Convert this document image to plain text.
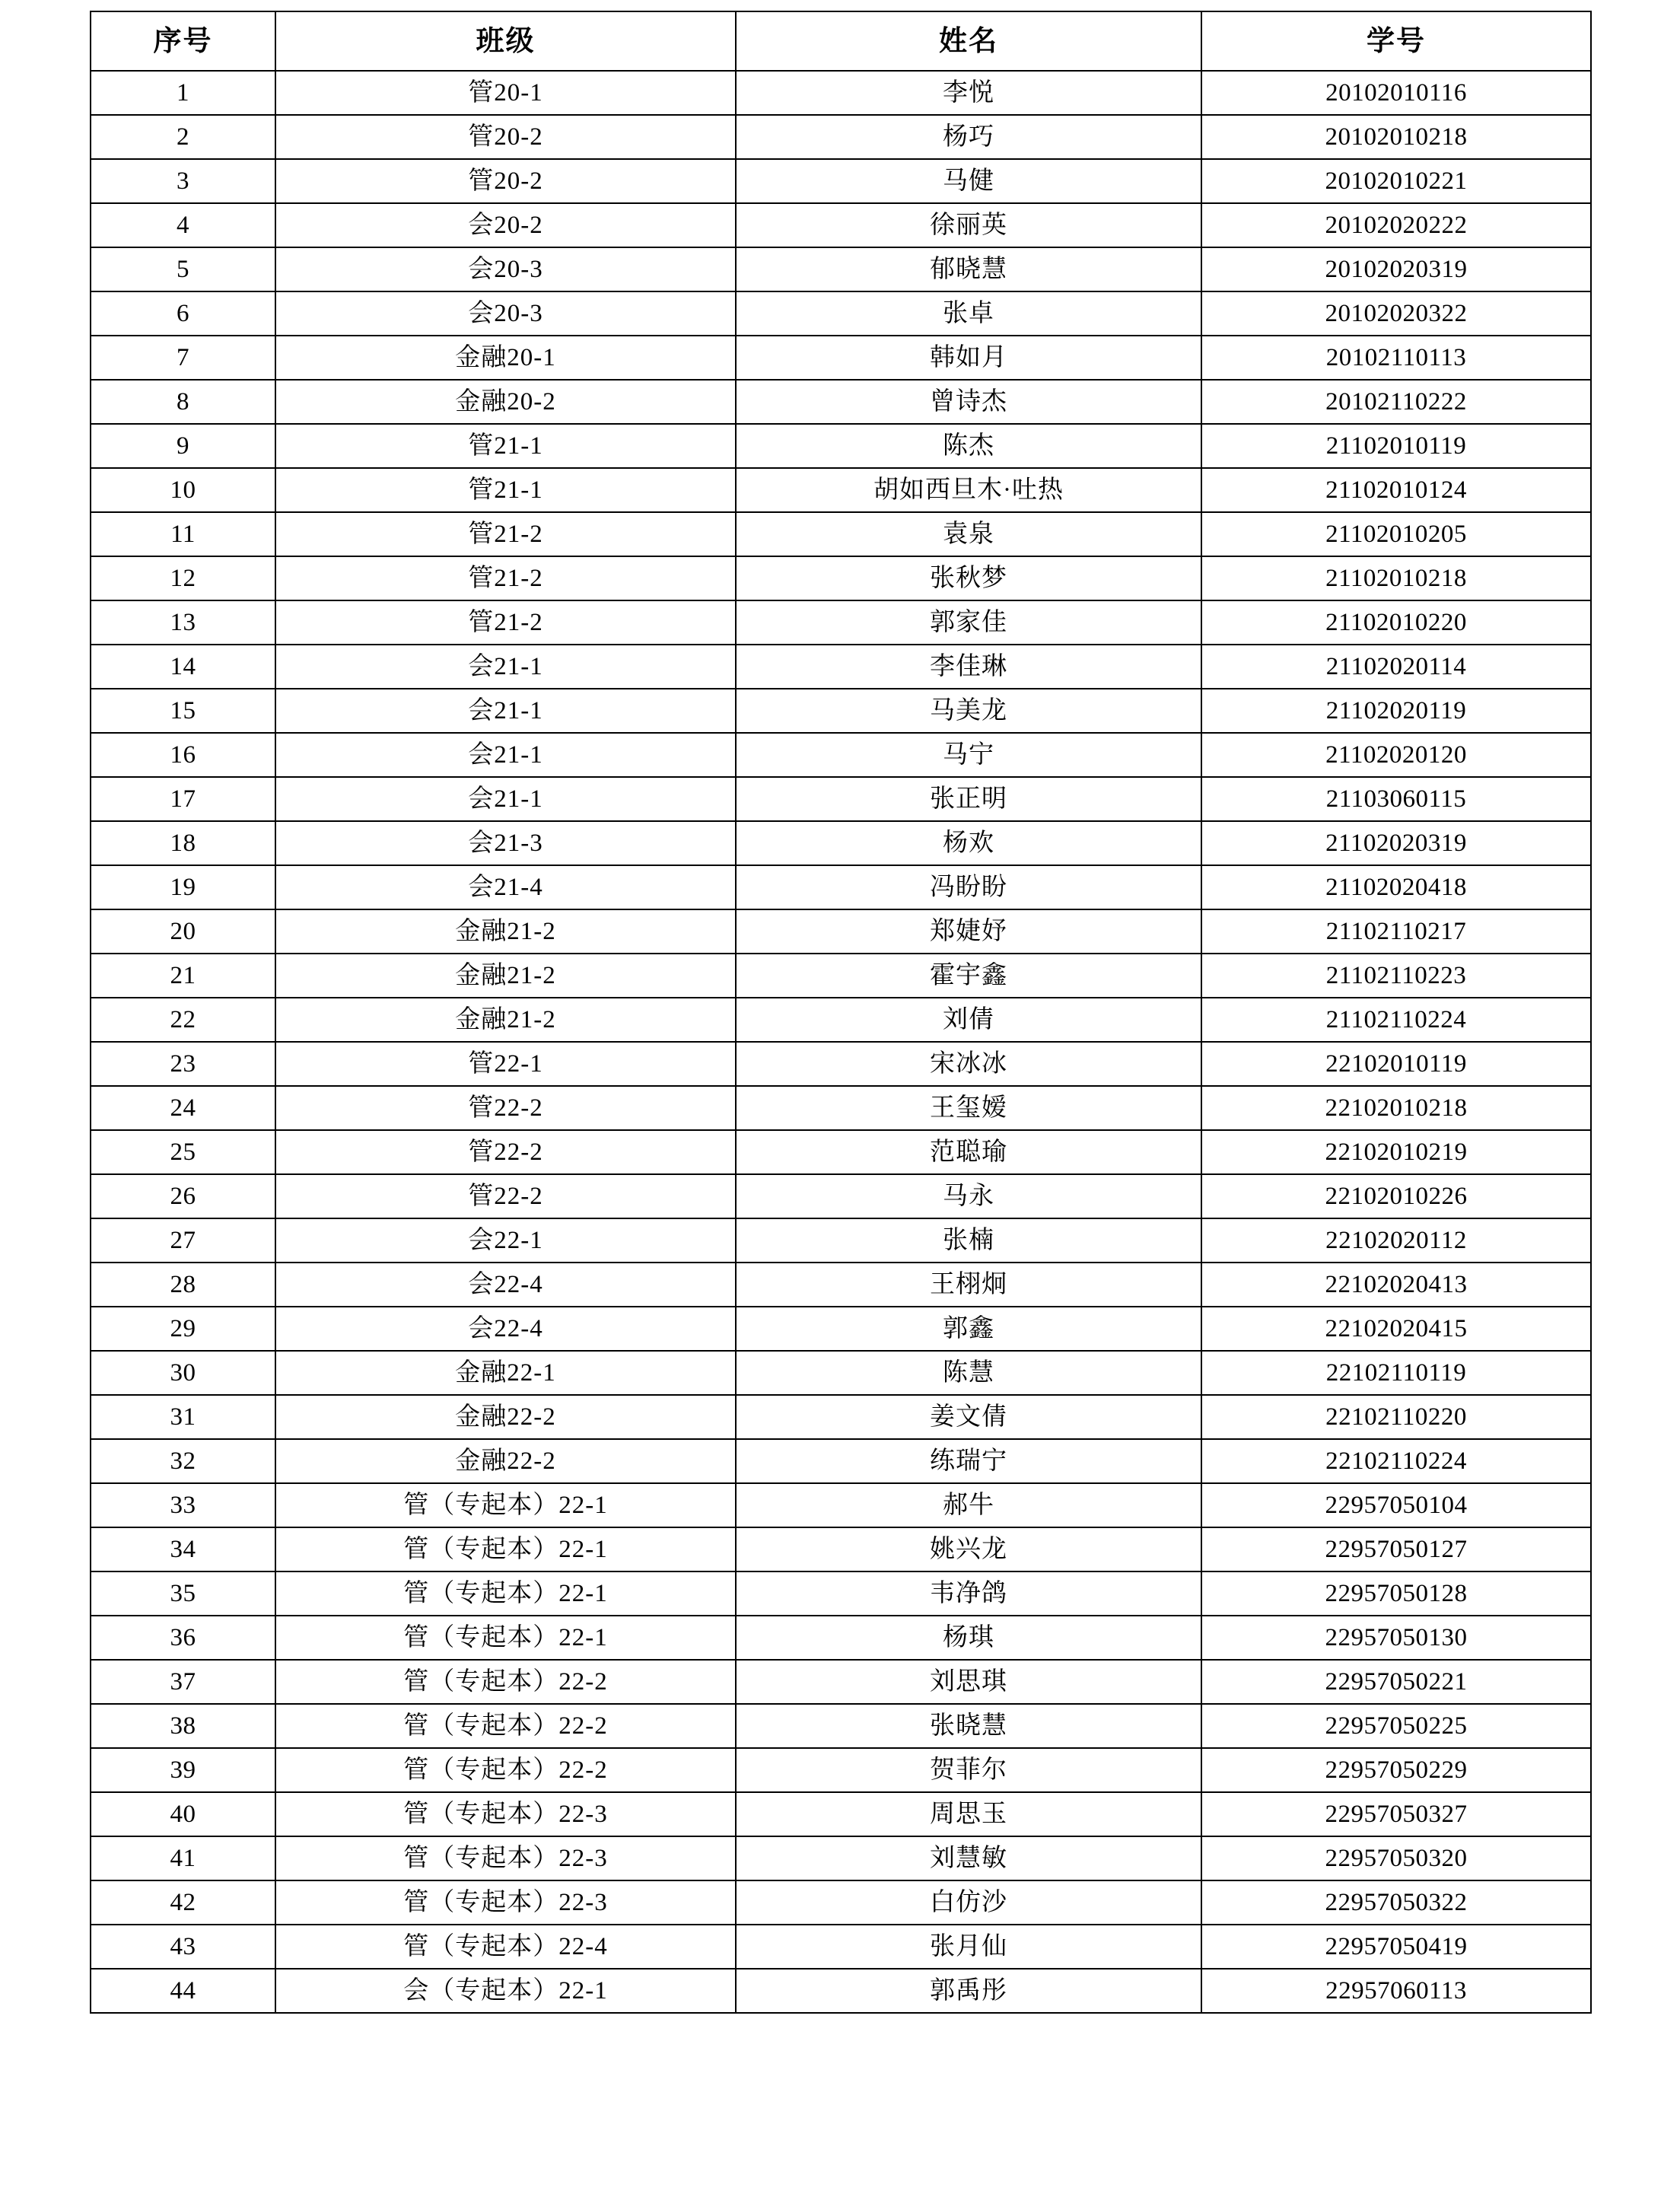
序号	班级	姓名	学号
1	管20-1	李悦	20102010116
2	管20-2	杨巧	20102010218
3	管20-2	马健	20102010221
4	会20-2	徐丽英	20102020222
5	会20-3	郁晓慧	20102020319
6	会20-3	张卓	20102020322
7	金融20-1	韩如月	20102110113
8	金融20-2	曾诗杰	20102110222
9	管21-1	陈杰	21102010119
10	管21-1	胡如西旦木·吐热	21102010124
11	管21-2	袁泉	21102010205
12	管21-2	张秋梦	21102010218
13	管21-2	郭家佳	21102010220
14	会21-1	李佳琳	21102020114
15	会21-1	马美龙	21102020119
16	会21-1	马宁	21102020120
17	会21-1	张正明	21103060115
18	会21-3	杨欢	21102020319
19	会21-4	冯盼盼	21102020418
20	金融21-2	郑婕妤	21102110217
21	金融21-2	霍宇鑫	21102110223
22	金融21-2	刘倩	21102110224
23	管22-1	宋冰冰	22102010119
24	管22-2	王玺嫒	22102010218
25	管22-2	范聪瑜	22102010219
26	管22-2	马永	22102010226
27	会22-1	张楠	22102020112
28	会22-4	王栩炯	22102020413
29	会22-4	郭鑫	22102020415
30	金融22-1	陈慧	22102110119
31	金融22-2	姜文倩	22102110220
32	金融22-2	练瑞宁	22102110224
33	管（专起本）22-1	郝牛	22957050104
34	管（专起本）22-1	姚兴龙	22957050127
35	管（专起本）22-1	韦净鸽	22957050128
36	管（专起本）22-1	杨琪	22957050130
37	管（专起本）22-2	刘思琪	22957050221
38	管（专起本）22-2	张晓慧	22957050225
39	管（专起本）22-2	贺菲尔	22957050229
40	管（专起本）22-3	周思玉	22957050327
41	管（专起本）22-3	刘慧敏	22957050320
42	管（专起本）22-3	白仿沙	22957050322
43	管（专起本）22-4	张月仙	22957050419
44	会（专起本）22-1	郭禹彤	22957060113
